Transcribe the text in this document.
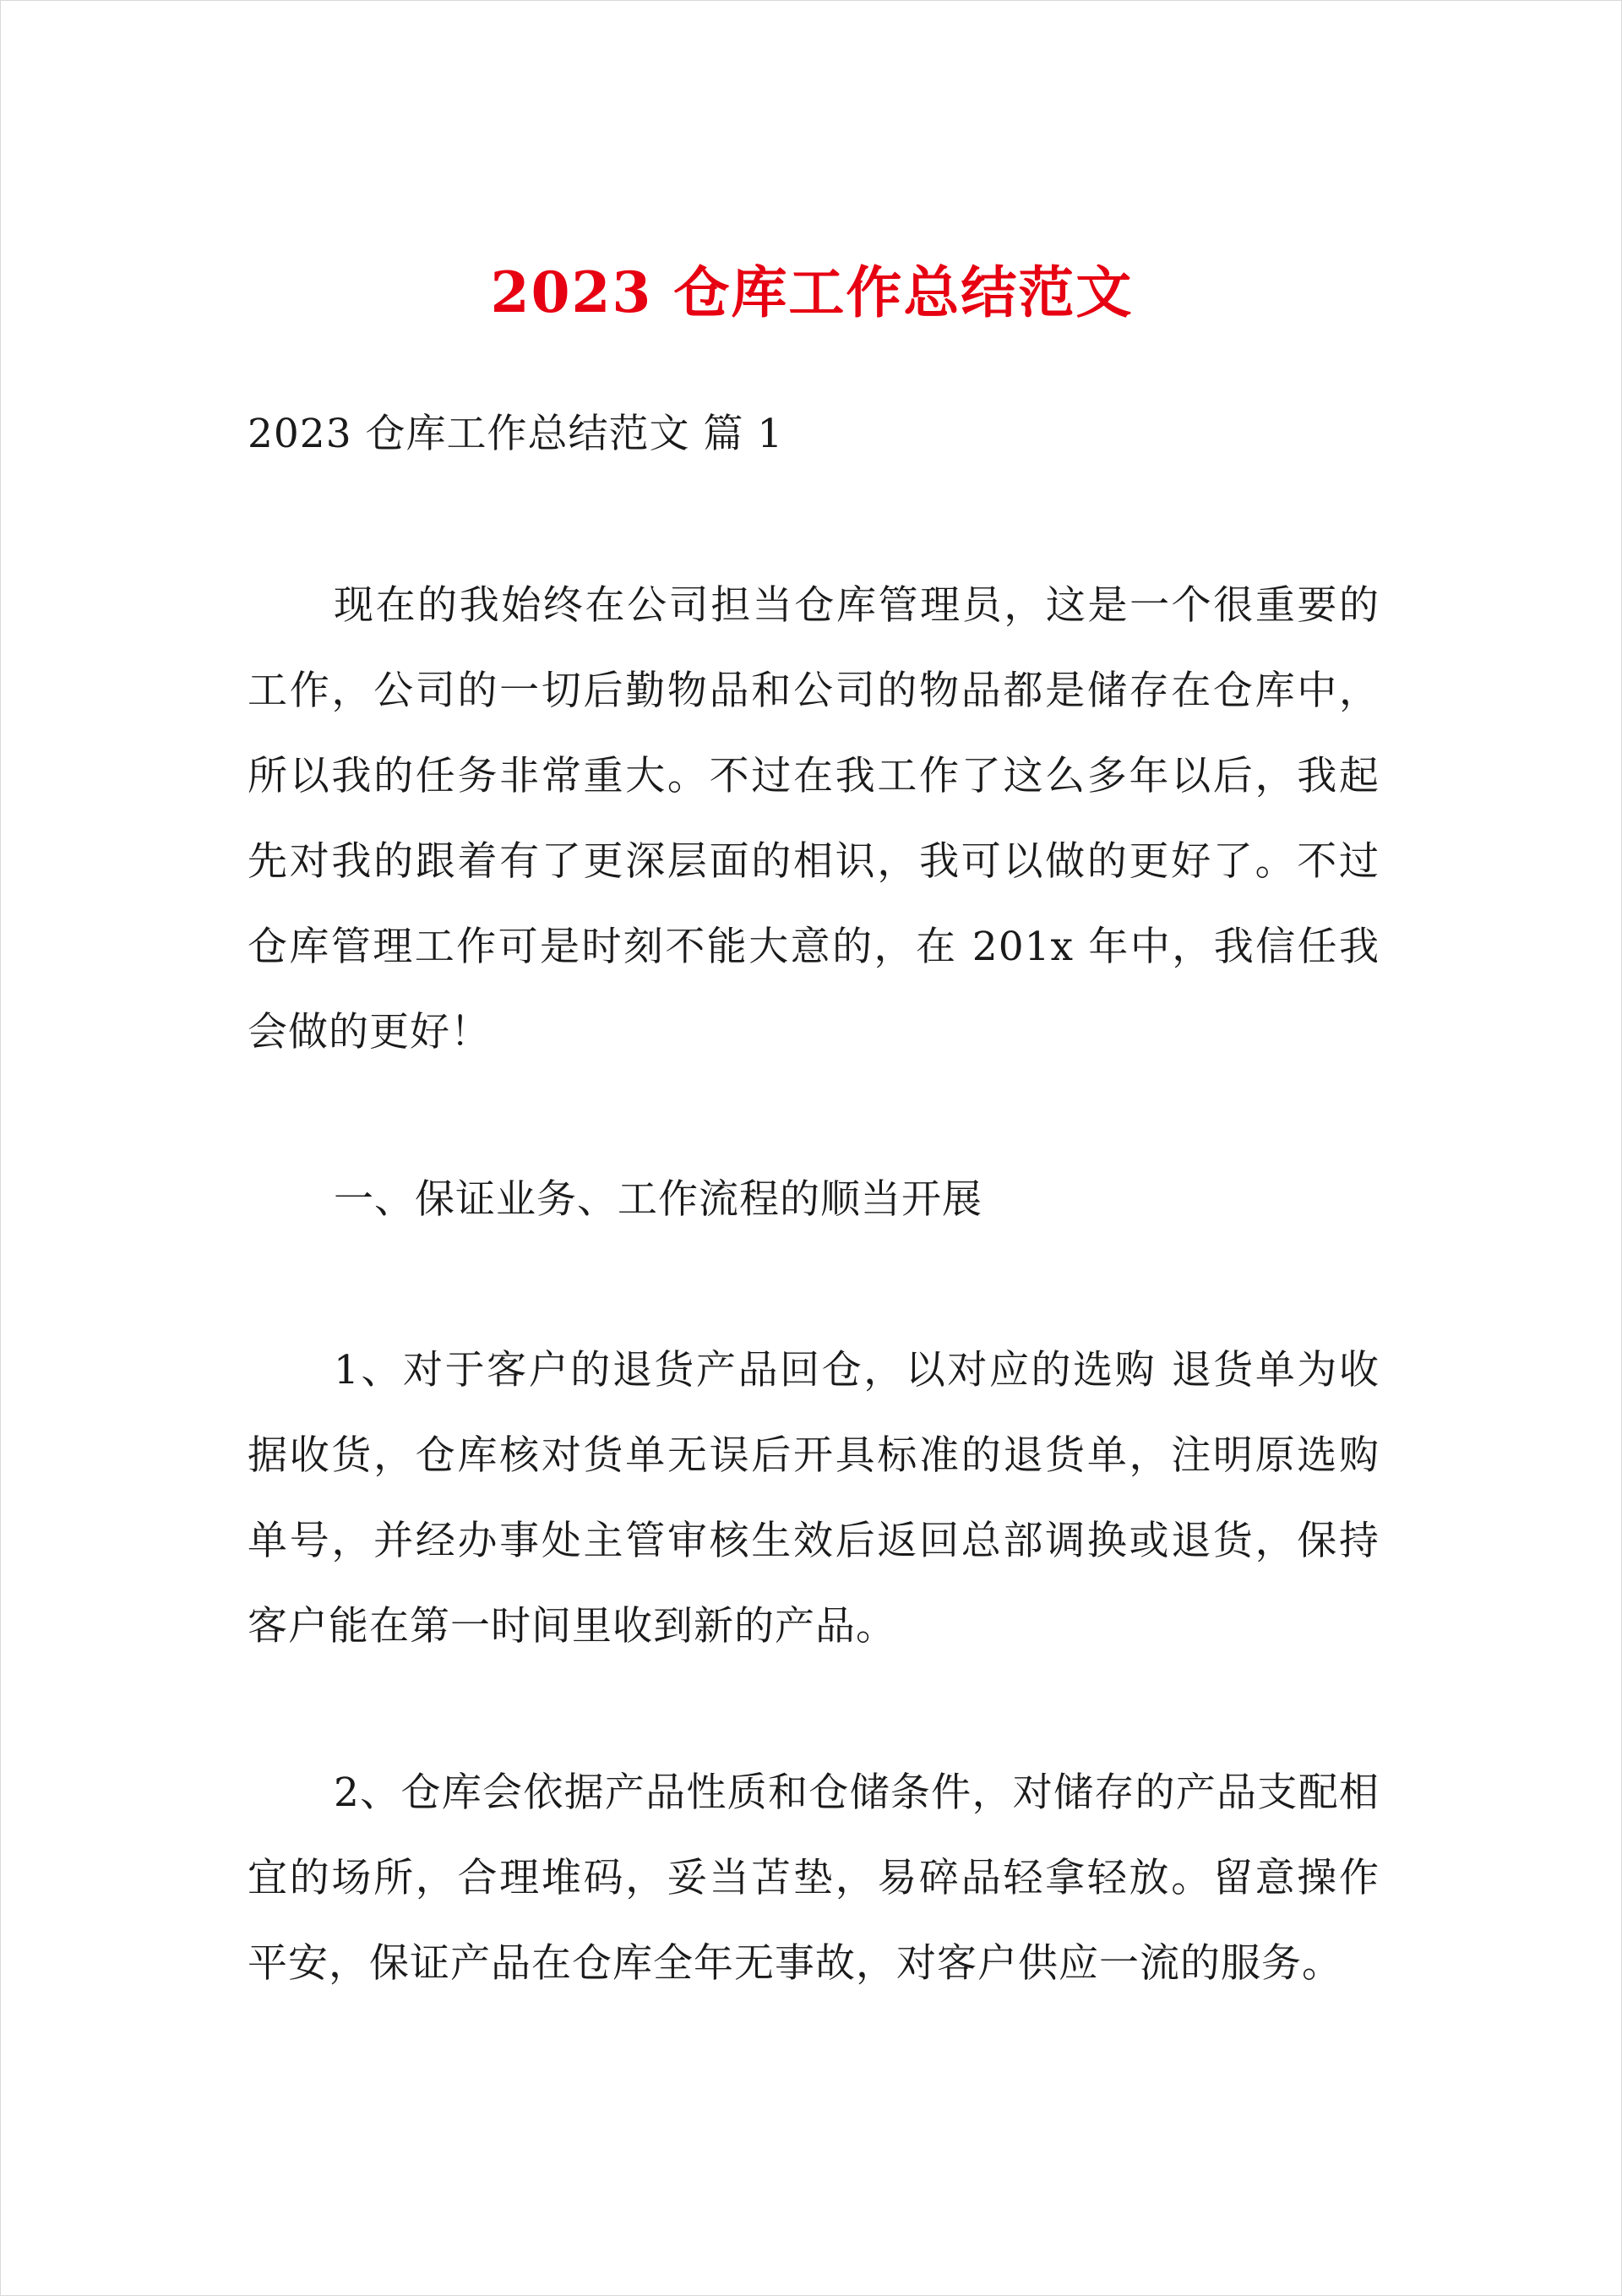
2023 仓库工作总结范文
2023 仓库工作总结范文 篇 1
现在的我始终在公司担当仓库管理员，这是一个很重要的工作，公司的一切后勤物品和公司的物品都是储存在仓库中，所以我的任务非常重大。不过在我工作了这么多年以后，我起先对我的跟着有了更深层面的相识，我可以做的更好了。不过仓库管理工作可是时刻不能大意的，在 201x 年中，我信任我会做的更好！
一、保证业务、工作流程的顺当开展
1、对于客户的退货产品回仓，以对应的选购 退货单为收据收货，仓库核对货单无误后开具标准的退货单，注明原选购 单号，并经办事处主管审核生效后返回总部调换或退货，保持客户能在第一时间里收到新的产品。
2、仓库会依据产品性质和仓储条件，对储存的产品支配相宜的场所，合理堆码，妥当苫垫，易碎品轻拿轻放。留意操作平安，保证产品在仓库全年无事故，对客户供应一流的服务。
